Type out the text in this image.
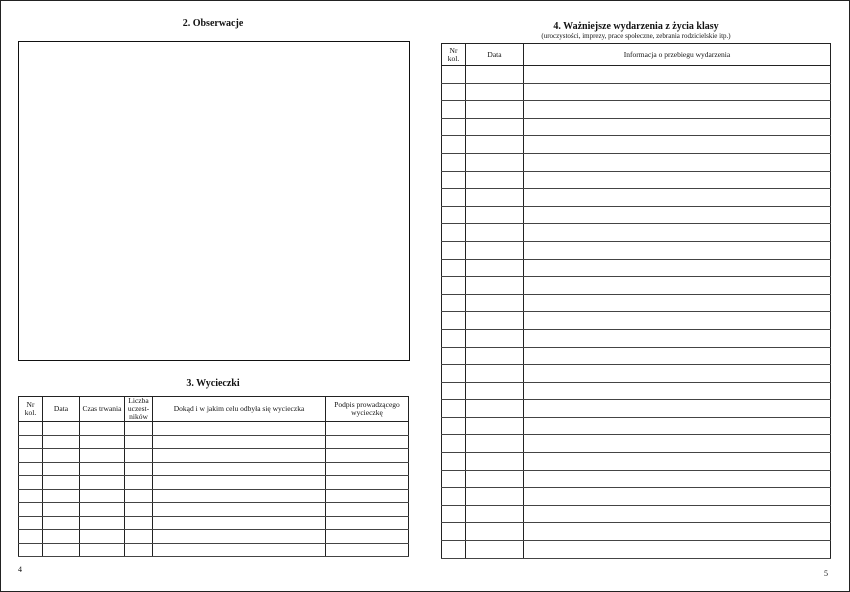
2. Obserwacje
3. Wycieczki
Nr kol.	Data	Czas trwania	Liczba uczest-ników	Dokąd i w jakim celu odbyła się wycieczka	Podpis prowadzącego wycieczkę

4
4. Ważniejsze wydarzenia z życia klasy
(uroczystości, imprezy, prace społeczne, zebrania rodzicielskie itp.)
Nr kol.	Data	Informacja o przebiegu wydarzenia

5
